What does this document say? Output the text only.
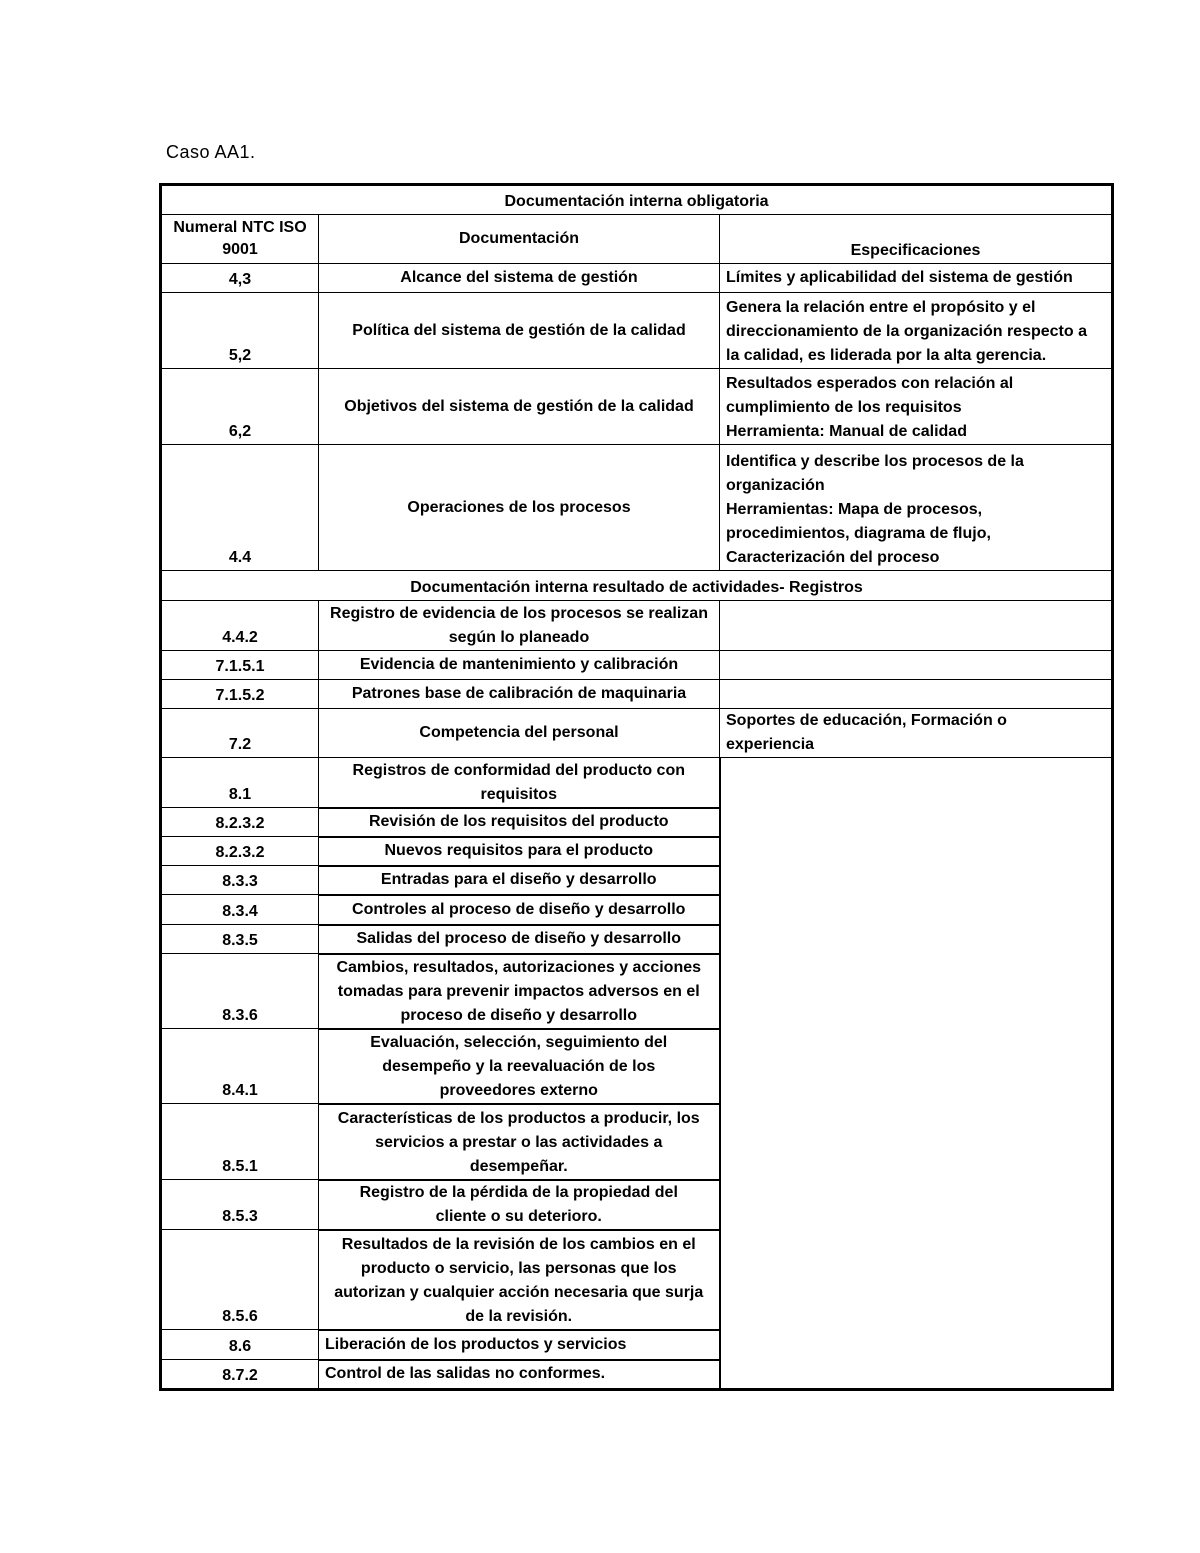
Caso AA1.
Documentación interna obligatoria		
Numeral NTC ISO 9001	Documentación	Especificaciones
4,3	Alcance del sistema de gestión	Límites y aplicabilidad del sistema de gestión
5,2	Política del sistema de gestión de la calidad	Genera la relación entre el propósito y el
direccionamiento de la organización respecto a
la calidad, es liderada por la alta gerencia.
6,2	Objetivos del sistema de gestión de la calidad	Resultados esperados con relación al
cumplimiento de los requisitos
Herramienta: Manual de calidad
4.4	Operaciones de los procesos	Identifica y describe los procesos de la
organización
Herramientas: Mapa de procesos,
procedimientos, diagrama de flujo,
Caracterización del proceso
Documentación interna resultado de actividades- Registros		
4.4.2	Registro de evidencia de los procesos se realizan
según lo planeado	
7.1.5.1	Evidencia de mantenimiento y calibración	
7.1.5.2	Patrones base de calibración de maquinaria	
7.2	Competencia del personal	Soportes de educación, Formación o
experiencia
8.1	Registros de conformidad del producto con
requisitos	
8.2.3.2	Revisión de los requisitos del producto	
8.2.3.2	Nuevos requisitos para el producto	
8.3.3	Entradas para el diseño y desarrollo	
8.3.4	Controles al proceso de diseño y desarrollo	
8.3.5	Salidas del proceso de diseño y desarrollo	
8.3.6	Cambios, resultados, autorizaciones y acciones
tomadas para prevenir impactos adversos en el
proceso de diseño y desarrollo	
8.4.1	Evaluación, selección, seguimiento del
desempeño y la reevaluación de los
proveedores externo	
8.5.1	Características de los productos a producir, los
servicios a prestar o las actividades a
desempeñar.	
8.5.3	Registro de la pérdida de la propiedad del
cliente o su deterioro.	
8.5.6	Resultados de la revisión de los cambios en el
producto o servicio, las personas que los
autorizan y cualquier acción necesaria que surja
de la revisión.	
8.6	Liberación de los productos y servicios	
8.7.2	Control de las salidas no conformes.	
